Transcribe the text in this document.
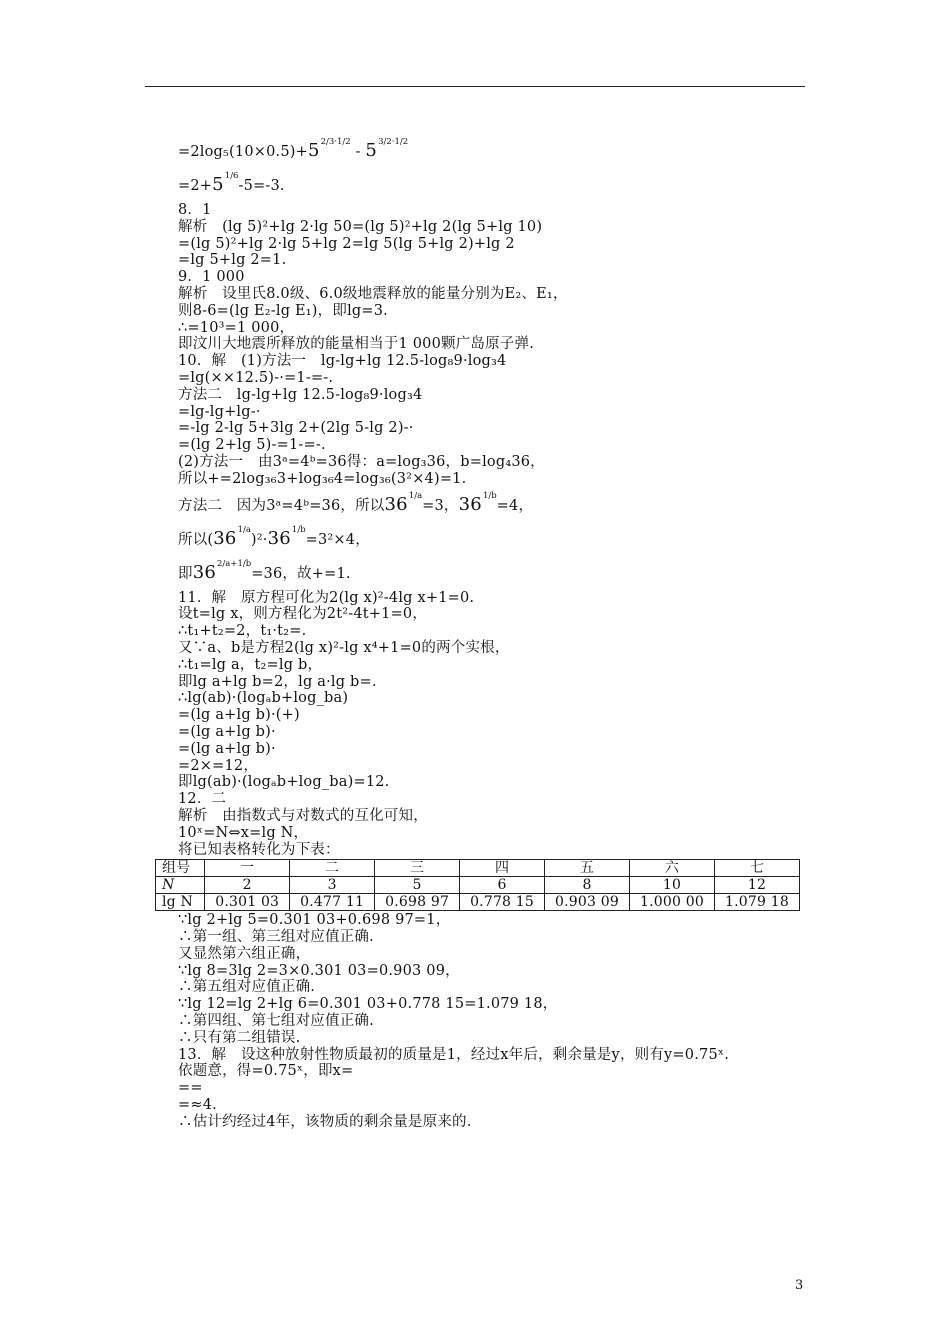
$=2\log_5(10\times 0.5)+5^{2/3\cdot 1/2} - 5^{3/2\cdot 1/2}$
$=2+5^{1/6}-5=-3$.
8．1
解析　(lg 5)²+lg 2·lg 50=(lg 5)²+lg 2(lg 5+lg 10)
=(lg 5)²+lg 2·lg 5+lg 2=lg 5(lg 5+lg 2)+lg 2
=lg 5+lg 2=1.
9．1 000
解析　设里氏8.0级、6.0级地震释放的能量分别为E₂、E₁，
则8-6=(lg E₂-lg E₁)，即lg=3.
∴=10³=1 000，
即汶川大地震所释放的能量相当于1 000颗广岛原子弹.
10．解　(1)方法一　lg-lg+lg 12.5-log₈9·log₃4
=lg(××12.5)-·=1-=-.
方法二　lg-lg+lg 12.5-log₈9·log₃4
=lg-lg+lg-·
=-lg 2-lg 5+3lg 2+(2lg 5-lg 2)-·
=(lg 2+lg 5)-=1-=-.
(2)方法一　由3ᵃ=4ᵇ=36得：a=log₃36，b=log₄36，
所以+=2log₃₆3+log₃₆4=log₃₆(3²×4)=1.
方法二　因为3ᵃ=4ᵇ=36，所以$36^{1/a}=3$，$36^{1/b}=4$，
所以$(36^{1/a})^2\cdot 36^{1/b}=3^2\times 4$，
即$36^{2/a+1/b}=36$，故+=1.
11．解　原方程可化为2(lg x)²-4lg x+1=0.
设t=lg x，则方程化为2t²-4t+1=0，
∴t₁+t₂=2，t₁·t₂=.
又∵a、b是方程2(lg x)²-lg x⁴+1=0的两个实根，
∴t₁=lg a，t₂=lg b，
即lg a+lg b=2，lg a·lg b=.
∴lg(ab)·(logₐb+log_ba)
=(lg a+lg b)·(+)
=(lg a+lg b)·
=(lg a+lg b)·
=2×=12，
即lg(ab)·(logₐb+log_ba)=12.
12．二
解析　由指数式与对数式的互化可知，
10ˣ=N⇔x=lg N，
将已知表格转化为下表：
组号	一	二	三	四	五	六	七
N	2	3	5	6	8	10	12
lg N	0.301 03	0.477 11	0.698 97	0.778 15	0.903 09	1.000 00	1.079 18
∵lg 2+lg 5=0.301 03+0.698 97=1，
∴第一组、第三组对应值正确.
又显然第六组正确，
∵lg 8=3lg 2=3×0.301 03=0.903 09，
∴第五组对应值正确.
∵lg 12=lg 2+lg 6=0.301 03+0.778 15=1.079 18，
∴第四组、第七组对应值正确.
∴只有第二组错误.
13．解　设这种放射性物质最初的质量是1，经过x年后，剩余量是y，则有y=0.75ˣ.
依题意，得=0.75ˣ，即x=
==
=≈4.
∴估计约经过4年，该物质的剩余量是原来的.
3
